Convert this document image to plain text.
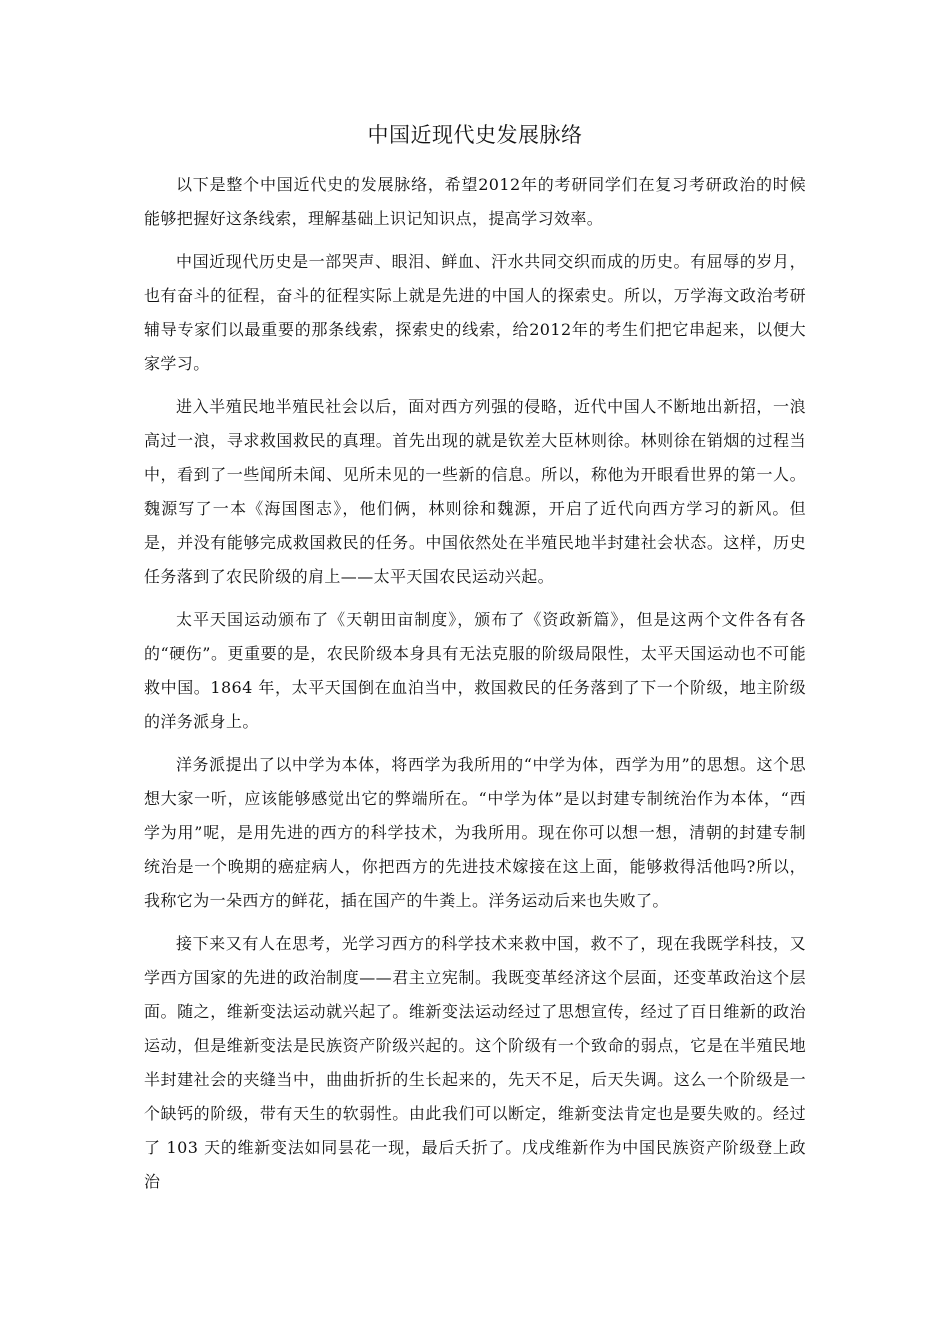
中国近现代史发展脉络

以下是整个中国近代史的发展脉络，希望2012年的考研同学们在复习考研政治的时候能够把握好这条线索，理解基础上识记知识点，提高学习效率。

中国近现代历史是一部哭声、眼泪、鲜血、汗水共同交织而成的历史。有屈辱的岁月，也有奋斗的征程，奋斗的征程实际上就是先进的中国人的探索史。所以，万学海文政治考研辅导专家们以最重要的那条线索，探索史的线索，给2012年的考生们把它串起来，以便大家学习。

进入半殖民地半殖民社会以后，面对西方列强的侵略，近代中国人不断地出新招，一浪高过一浪，寻求救国救民的真理。首先出现的就是钦差大臣林则徐。林则徐在销烟的过程当中，看到了一些闻所未闻、见所未见的一些新的信息。所以，称他为开眼看世界的第一人。魏源写了一本《海国图志》，他们俩，林则徐和魏源，开启了近代向西方学习的新风。但是，并没有能够完成救国救民的任务。中国依然处在半殖民地半封建社会状态。这样，历史任务落到了农民阶级的肩上——太平天国农民运动兴起。

太平天国运动颁布了《天朝田亩制度》，颁布了《资政新篇》，但是这两个文件各有各的“硬伤”。更重要的是，农民阶级本身具有无法克服的阶级局限性，太平天国运动也不可能救中国。1864 年，太平天国倒在血泊当中，救国救民的任务落到了下一个阶级，地主阶级的洋务派身上。

洋务派提出了以中学为本体，将西学为我所用的“中学为体，西学为用”的思想。这个思想大家一听，应该能够感觉出它的弊端所在。“中学为体”是以封建专制统治作为本体，“西学为用”呢，是用先进的西方的科学技术，为我所用。现在你可以想一想，清朝的封建专制统治是一个晚期的癌症病人，你把西方的先进技术嫁接在这上面，能够救得活他吗?所以，我称它为一朵西方的鲜花，插在国产的牛粪上。洋务运动后来也失败了。

接下来又有人在思考，光学习西方的科学技术来救中国，救不了，现在我既学科技，又学西方国家的先进的政治制度——君主立宪制。我既变革经济这个层面，还变革政治这个层面。随之，维新变法运动就兴起了。维新变法运动经过了思想宣传，经过了百日维新的政治运动，但是维新变法是民族资产阶级兴起的。这个阶级有一个致命的弱点，它是在半殖民地半封建社会的夹缝当中，曲曲折折的生长起来的，先天不足，后天失调。这么一个阶级是一个缺钙的阶级，带有天生的软弱性。由此我们可以断定，维新变法肯定也是要失败的。经过了 103 天的维新变法如同昙花一现，最后夭折了。戊戌维新作为中国民族资产阶级登上政治
